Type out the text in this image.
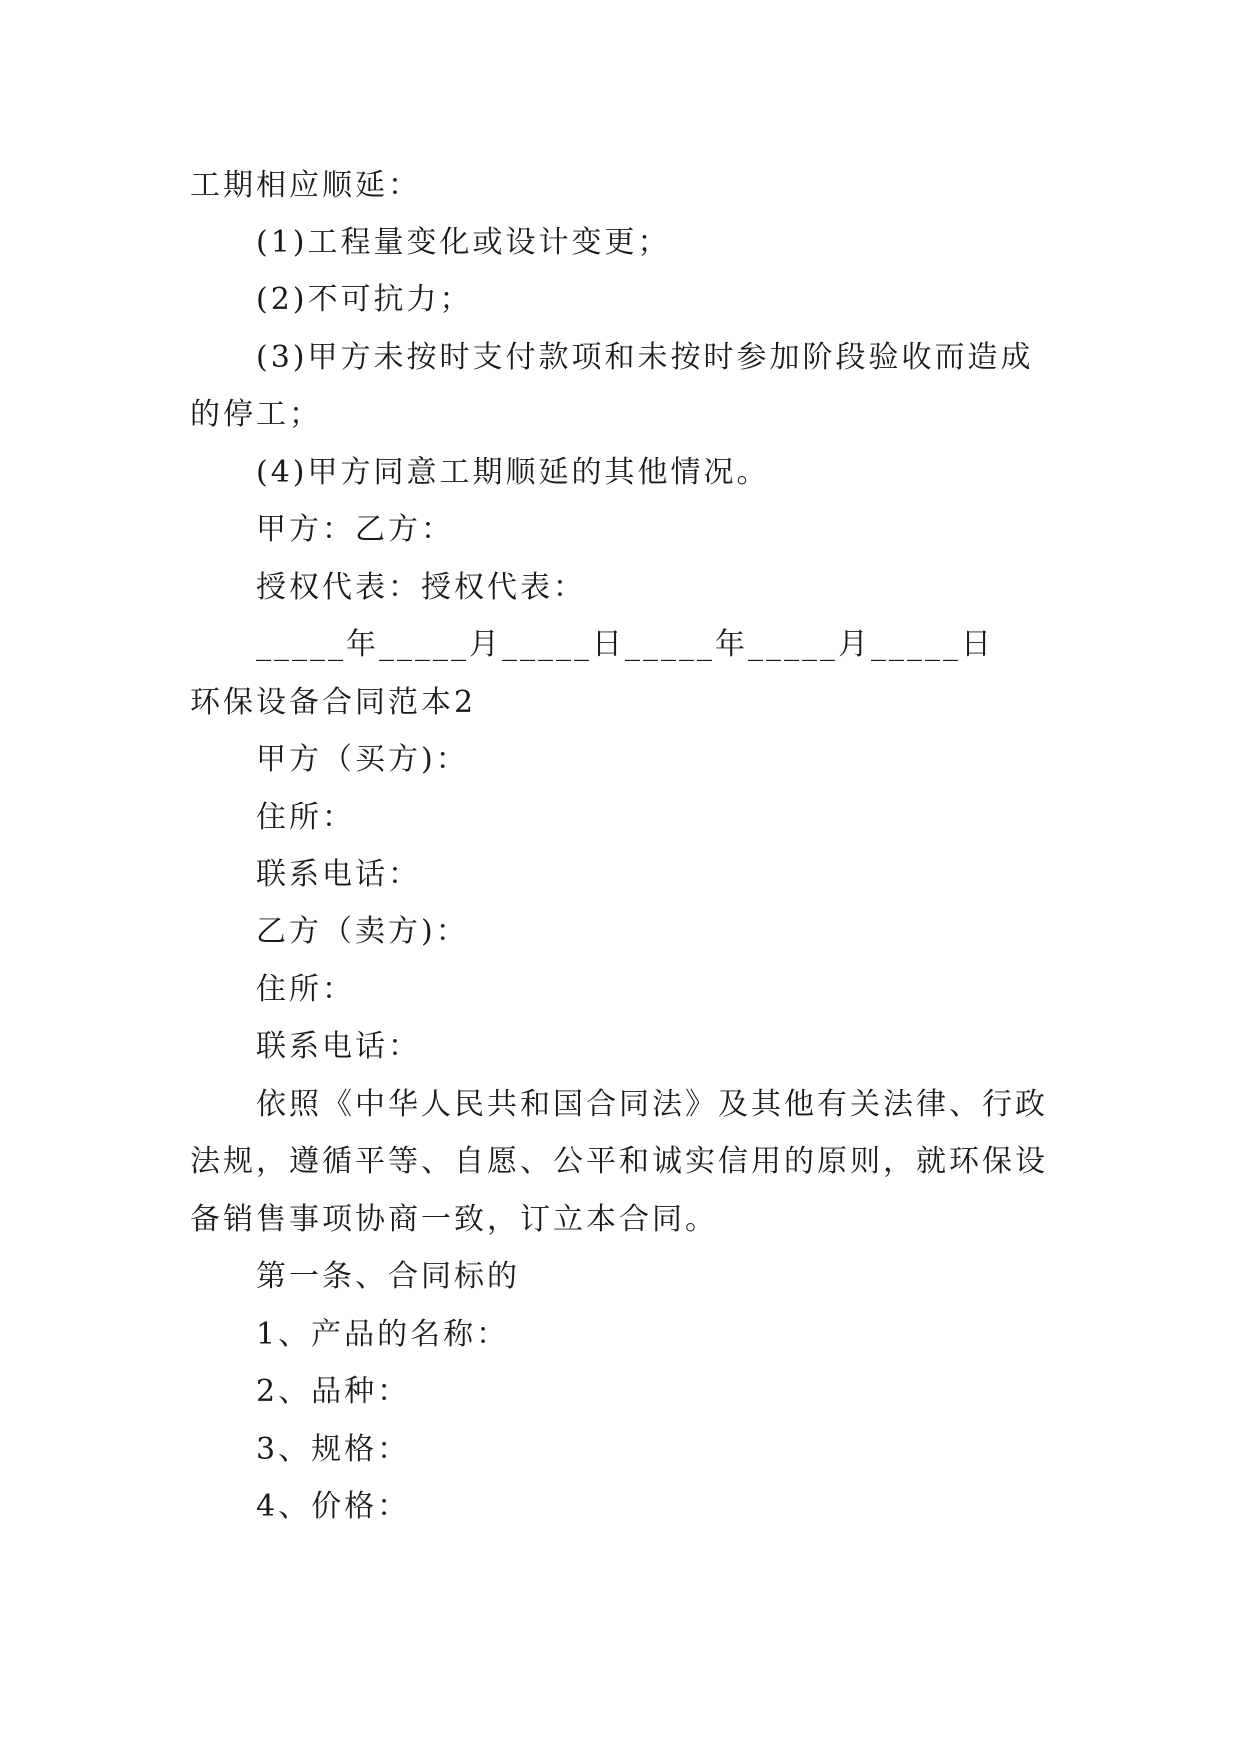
工期相应顺延：
(1)工程量变化或设计变更；
(2)不可抗力；
(3)甲方未按时支付款项和未按时参加阶段验收而造成
的停工；
(4)甲方同意工期顺延的其他情况。
甲方：乙方：
授权代表：授权代表：
_____年_____月_____日_____年_____月_____日
环保设备合同范本2
甲方（买方)：
住所：
联系电话：
乙方（卖方)：
住所：
联系电话：
依照《中华人民共和国合同法》及其他有关法律、行政
法规，遵循平等、自愿、公平和诚实信用的原则，就环保设
备销售事项协商一致，订立本合同。
第一条、合同标的
1、产品的名称：
2、品种：
3、规格：
4、价格：
